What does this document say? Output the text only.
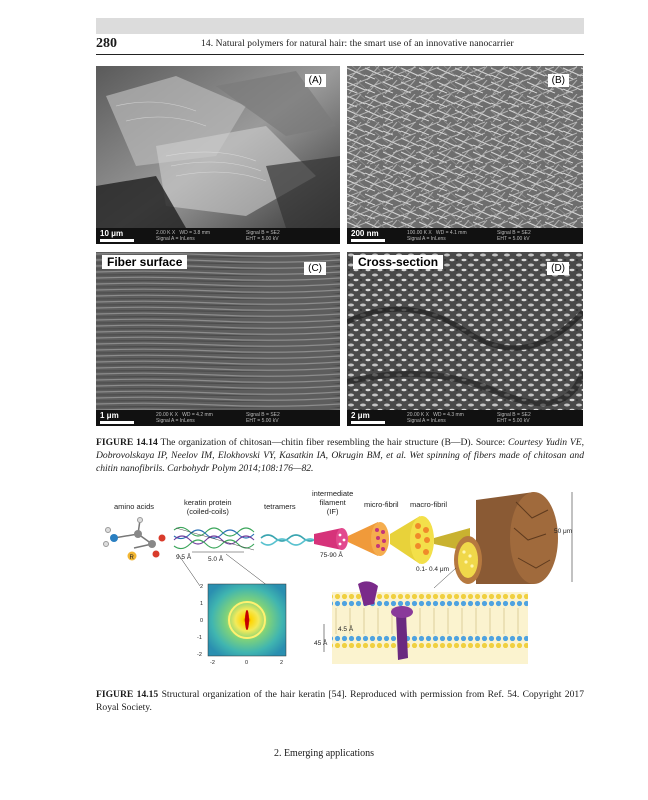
280	14. Natural polymers for natural hair: the smart use of an innovative nanocarrier
(A)
10 μm	2.00 K X   WD = 3.8 mm
Signal A = InLens
Signal B = SE2
EHT = 5.00 kV
(B)
200 nm	100.00 K X   WD = 4.1 mm
Signal A = InLens
Signal B = SE2
EHT = 5.00 kV
Fiber surface	(C)
1 μm	20.00 K X   WD = 4.2 mm
Signal A = InLens
Signal B = SE2
EHT = 5.00 kV
Cross-section	(D)
2 μm	20.00 K X   WD = 4.3 mm
Signal A = InLens
Signal B = SE2
EHT = 5.00 kV
FIGURE 14.14 The organization of chitosan—chitin fiber resembling the hair structure (B—D). Source: Courtesy Yudin VE, Dobrovolskaya IP, Neelov IM, Elokhovski VY, Kasatkin IA, Okrugin BM, et al. Wet spinning of fibers made of chitosan and chitin nanofibrils. Carbohydr Polym 2014;108:176—82.
R
2
1
0
-1
-2
-2	0	2
amino acids	keratin protein
(coiled-coils)
tetramers
intermediate
filament
(IF)
micro-fibril macro-fibril
50 μm
9.5 Å	5.0 Å
75-90 Å
0.1- 0.4 μm
4.5 Å
45 Å
FIGURE 14.15 Structural organization of the hair keratin [54]. Reproduced with permission from Ref. 54. Copyright 2017 Royal Society.
2. Emerging applications
